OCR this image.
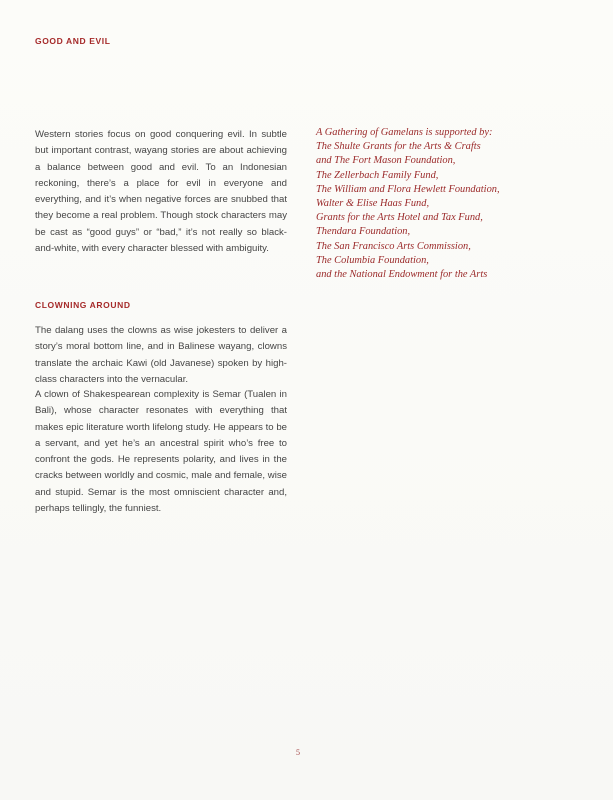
GOOD AND EVIL
Western stories focus on good conquering evil. In subtle but important contrast, wayang stories are about achieving a balance between good and evil. To an Indonesian reckoning, there’s a place for evil in everyone and everything, and it’s when negative forces are snubbed that they become a real problem. Though stock characters may be cast as “good guys” or “bad,” it’s not really so black-and-white, with every character blessed with ambiguity.
CLOWNING AROUND
The dalang uses the clowns as wise jokesters to deliver a story’s moral bottom line, and in Balinese wayang, clowns translate the archaic Kawi (old Javanese) spoken by high-class characters into the vernacular.
A clown of Shakespearean complexity is Semar (Tualen in Bali), whose character resonates with everything that makes epic literature worth lifelong study. He appears to be a servant, and yet he’s an ancestral spirit who’s free to confront the gods. He represents polarity, and lives in the cracks between worldly and cosmic, male and female, wise and stupid. Semar is the most omniscient character and, perhaps tellingly, the funniest.
A Gathering of Gamelans is supported by:
The Shulte Grants for the Arts & Crafts
and The Fort Mason Foundation,
The Zellerbach Family Fund,
The William and Flora Hewlett Foundation,
Walter & Elise Haas Fund,
Grants for the Arts Hotel and Tax Fund,
Thendara Foundation,
The San Francisco Arts Commission,
The Columbia Foundation,
and the National Endowment for the Arts
5
